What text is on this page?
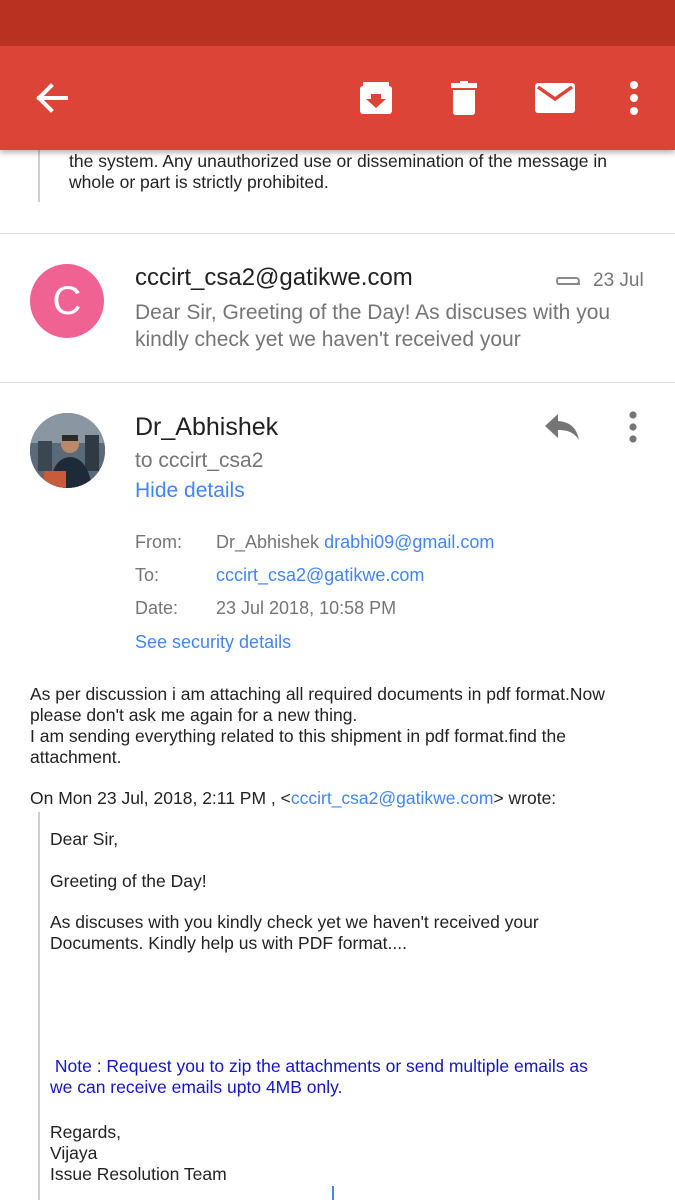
the system. Any unauthorized use or dissemination of the message in
whole or part is strictly prohibited.
C
cccirt_csa2@gatikwe.com	23 Jul
Dear Sir, Greeting of the Day! As discuses with you kindly check yet we haven't received your
Dr_Abhishek
to cccirt_csa2
Hide details
From: Dr_Abhishek drabhi09@gmail.com
To:	cccirt_csa2@gatikwe.com
Date: 23 Jul 2018, 10:58 PM
See security details
As per discussion i am attaching all required documents in pdf format.Now
please don't ask me again for a new thing.
I am sending everything related to this shipment in pdf format.find the
attachment.
On Mon 23 Jul, 2018, 2:11 PM , <cccirt_csa2@gatikwe.com> wrote:
Dear Sir,
Greeting of the Day!
As discuses with you kindly check yet we haven't received your
Documents. Kindly help us with PDF format....
Note : Request you to zip the attachments or send multiple emails as
we can receive emails upto 4MB only.
Regards,
Vijaya
Issue Resolution Team
